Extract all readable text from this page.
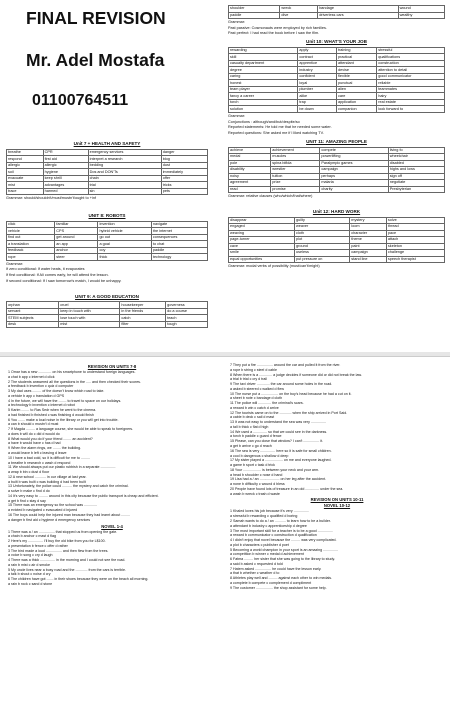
FINAL REVISION
Mr. Adel Mostafa
01100764511
Unit 7 + HEALTH AND SAFETY
breathe	CPR	emergency services	danger
respond	first aid	interpret a research	blog
allergic	allergic	bedding	dust
soil	hygiene	Dos and DON'Ts	immediately
evacuate	keep shrill	chain	offer
mist	advantages	trial	tricks
trace	harmed	sin	pets
Grammar: should/shouldn't/must/mustn't/ought to +inf
UNIT 8: ROBOTS
click	familiar	invention	navigate
vehicle	CPS	hybrid vehicle	the internet
find out	get around	go out	consequences
a translation	an app	a goal	to chat
feedback	anchor	coy	paddle
rope	steer	thick	technology
Grammar:
If zero conditional: If water heats, it evaporates
If first conditional: If Ali comes early, he will attend the lesson.
If second conditional: If I saw tomorrow's match, I would be unhappy.
UNIT 9: A GOOD EDUCATION
orphan	cruel	housekeeper	governess
servant	keep in touch with	in the friends	do a course
STEM subjects	lose touch with	catch	teach
desk	mist	filter	tough
shoulder	wreck	bandage	wound
paddle	dive	driverless cars	wealthy
Grammar:
Past passive: Cosmonauts were employed by rich families.
Past perfect: I had read the book before I saw the film.
Unit 10: WHAT'S YOUR JOB
rewarding	apply	training	stressful
skill	contract	practical	qualifications
casualty department	apprentice	attendant	construction
degree	industry	devise	attention to detail
caring	confident	flexible	good communicator
honest	loyal	punctual	reliable
team player	plumber	alien	teammates
fancy a career	alike	care	hairy
torch	trap	application	real estate
solution	be down	companion	look forward to
Grammar:
Conjunctions : although/and/but/despite/so
Reported statements: He told me that he needed some water.
Reported questions: She asked me if I liked watching TV.
UNIT 11: AMAZING PEOPLE
achieve	achievement	compete	living fo
medal	muscles	powerlifting	wheelchair
pole	spina bifida	Paralympic games	disabled
disability	wrestler	campaign	highs and lows
noisy	tuition	perhaps	sign off
agreement	prize	malaria	negotiate
read	promise	charity	Presbyterian
Grammar: relative clauses (who/which/that/where)
Unit 12: HARD WORK
disappear	guilty	mystery	solve
engaged	weaver	loom	thread
weaving	cloth	character	pace
page-turner	plot	theme	attach
cave	ground	paint	skeleton
smile	useless	campaign	challenge
equal opportunities	put pressure on	stand line	speech therapist
Grammar: modal verbs of possibility (must/can't/might)
REVISION ON UNITS 7-8
1 Omar has a new ............. on his smartphone to understand foreign languages.
a chat b app c internet d click
2 The students answered all the questions in the ..... and then checked their scores.
a feedback b invention c quiz d computer
3 My dad uses ......... of the doesn't know which road to take.
a vehicle b app c translation d GPS
4 In the future, we will have the ........ to travel to space on our holidays.
a technology b invention c internet d robot
5 Karim ........ to Ras Sedr when he went to the cinema.
a had finished b finished c was finishing d would finish
6 You ....... make a loud noise in the library or you will get into trouble.
a can b should c mustn't d must
7 If Magda ......... a language course, she would be able to speak to foreigners.
a does b will do c did d would do
8 What would you do if your friend ........ an accident?
a have b would have c has d had
9 When the alarm rings, we ........ the building.
a would leave b left c leaving d leave
10 I have a bad cold, so it is difficult for me to .........
a breathe b research c wash d respond
11 We should always put our plastic rubbish in a separate ...............
a wrap b bin c dust d floor
12 A new school ........... in our village at last year.
a built b was built c was building d had been built
13 Unfortunately, the police could .......... the mystery and catch the criminal.
a solve b make c find d do
14 It's very easy to ......... around in this city because the public transport is cheap and efficient.
a get b find c stay d say
15 There was an emergency so the school was .............
a evicted b navigated c evacuated d injured
16 The boys could help the injured man because they had learnt about .........
a danger b first aid c hygiene d emergency services
NOVEL 1-4
1 There was a / an ................ that stopped us from opening the gate.
a chain b anchor c mast d flag
2 Here's my ............... I'll buy the old bike from you for L$100.
a presentation b fence c offer d rather
3 The bird made a loud ................ and then flew from the trees.
a voice b song c cry d laugh
4 There was a thick ............... in the morning and I could not see the road.
a rain b mist c air d smoke
5 My uncle lives near a busy road and the ............ from the cars is terrible.
a talk b shout c noise d cry
6 The children have got ....... in their shoes because they were on the beach all morning.
a rain b rock c sand d stone
7 They put a fire ................ around the car and pulled it from the river.
a rope b string c steel d cable
8 When there is a ............. a judge decides if someone did or did not break the law.
a trial b trial c cry d trail
9 The taxi driver ............. the car around some holes in the road.
a asked b steered c walked d flew
10 The nurse put a ................. on the boy's head because he had a cut on it.
a sheet b note c bandage d cloth
11 The police will ............. the criminal's scars.
a reward b win c catch d arrive
12 The tourists came on to the ............ when the ship arrived in Port Said.
a cable b deck c sail d mast
13 It was not easy to understand the sea was very ...............
a tall b thick c flat d high
14 We used a .............. so that we could see in the darkness.
a torch b paddle c guard d fence
15 Please, can you close that window? I can't ................ it.
a get b arrive c go d reach
16 The sea is very ............... here so it is safe for small children.
a cool b dangerous c shallow d deep
17 My sister played a .................. on me and everyone laughed.
a game b sport c task d trick
18 Your .................. is between your neck and your arm.
a head b shoulder c nose d hand
19 Lisa had a / an .................... on her leg after the accident.
a none b difficulty c wound d bless
20 People have found lots of treasure in an old .............. under the sea.
a wash b wreck c trash d waste
REVISION ON UNITS 10-11
NOVEL 10-12
1 Khaled loves his job because it's very ...............
a stressful b rewarding c qualified d boring
2 Samah wants to do a / an ........... to learn how to be a builder.
a attendant b industry c apprenticeship d degree
3 The most important skill for a teacher is to be a good ...............
a reward b communicator c construction d qualification
4 I didn't enjoy that novel because the ......... was very complicated.
a plot b characters c publisher d poet
5 Becoming a world champion in your sport is an amazing ...............
a competition b winner c medal d achievement
6 Fatma ......... her sister that she was going to the library to study.
a said b asked c requested d told
7 Hatem asked ................ he could have the lesson early.
a that b whether c weather d to
8 Athletes play well and ......... against each other to win medals.
a complete b compete c complement d compliment
9 The customer ................. the shop assistant for some help.
